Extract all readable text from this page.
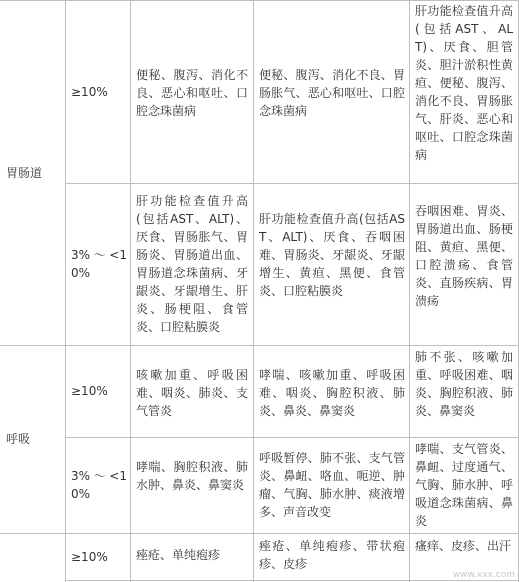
胃肠道
≥10%
便秘、腹泻、消化不良、恶心和呕吐、口腔念珠菌病
便秘、腹泻、消化不良、胃肠胀气、恶心和呕吐、口腔念珠菌病
肝功能检查值升高(包括AST、ALT)、厌食、胆管炎、胆汁淤积性黄疸、便秘、腹泻、消化不良、胃肠胀气、肝炎、恶心和呕吐、口腔念珠菌病
3%～<10%
肝功能检查值升高(包括AST、ALT)、厌食、胃肠胀气、胃肠炎、胃肠道出血、胃肠道念珠菌病、牙龈炎、牙龈增生、肝炎、肠梗阻、食管炎、口腔粘膜炎
肝功能检查值升高(包括AST、ALT)、厌食、吞咽困难、胃肠炎、牙龈炎、牙龈增生、黄疸、黑便、食管炎、口腔粘膜炎
吞咽困难、胃炎、胃肠道出血、肠梗阻、黄疸、黑便、口腔溃疡、食管炎、直肠疾病、胃溃疡
呼吸
≥10%
咳嗽加重、呼吸困难、咽炎、肺炎、支气管炎
哮喘、咳嗽加重、呼吸困难、咽炎、胸腔积液、肺炎、鼻炎、鼻窦炎
肺不张、咳嗽加重、呼吸困难、咽炎、胸腔积液、肺炎、鼻窦炎
3%～<10%
哮喘、胸腔积液、肺水肿、鼻炎、鼻窦炎
呼吸暂停、肺不张、支气管炎、鼻衄、咯血、呃逆、肿瘤、气胸、肺水肿、痰液增多、声音改变
哮喘、支气管炎、鼻衄、过度通气、气胸、肺水肿、呼吸道念珠菌病、鼻炎
≥10% 痤疮、单纯疱疹
痤疮、单纯疱疹、带状疱疹、皮疹
瘙痒、皮疹、出汗
www.xxx.com
